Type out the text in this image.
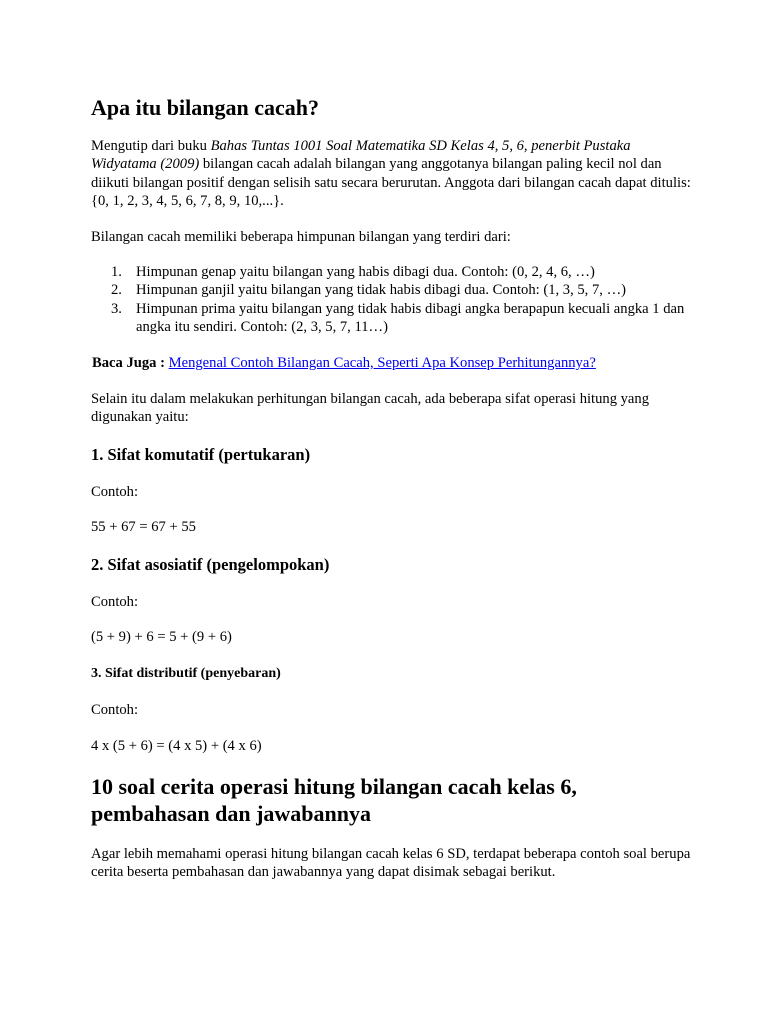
Apa itu bilangan cacah?

Mengutip dari buku Bahas Tuntas 1001 Soal Matematika SD Kelas 4, 5, 6, penerbit Pustaka Widyatama (2009) bilangan cacah adalah bilangan yang anggotanya bilangan paling kecil nol dan diikuti bilangan positif dengan selisih satu secara berurutan. Anggota dari bilangan cacah dapat ditulis: {0, 1, 2, 3, 4, 5, 6, 7, 8, 9, 10,...}.

Bilangan cacah memiliki beberapa himpunan bilangan yang terdiri dari:

1. Himpunan genap yaitu bilangan yang habis dibagi dua. Contoh: (0, 2, 4, 6, …)
2. Himpunan ganjil yaitu bilangan yang tidak habis dibagi dua. Contoh: (1, 3, 5, 7, …)
3. Himpunan prima yaitu bilangan yang tidak habis dibagi angka berapapun kecuali angka 1 dan angka itu sendiri. Contoh: (2, 3, 5, 7, 11…)

Baca Juga : Mengenal Contoh Bilangan Cacah, Seperti Apa Konsep Perhitungannya?

Selain itu dalam melakukan perhitungan bilangan cacah, ada beberapa sifat operasi hitung yang digunakan yaitu:

1. Sifat komutatif (pertukaran)

Contoh:

55 + 67 = 67 + 55

2. Sifat asosiatif (pengelompokan)

Contoh:

(5 + 9) + 6 = 5 + (9 + 6)

3. Sifat distributif (penyebaran)

Contoh:

4 x (5 + 6) = (4 x 5) + (4 x 6)

10 soal cerita operasi hitung bilangan cacah kelas 6,
pembahasan dan jawabannya

Agar lebih memahami operasi hitung bilangan cacah kelas 6 SD, terdapat beberapa contoh soal berupa cerita beserta pembahasan dan jawabannya yang dapat disimak sebagai berikut.
